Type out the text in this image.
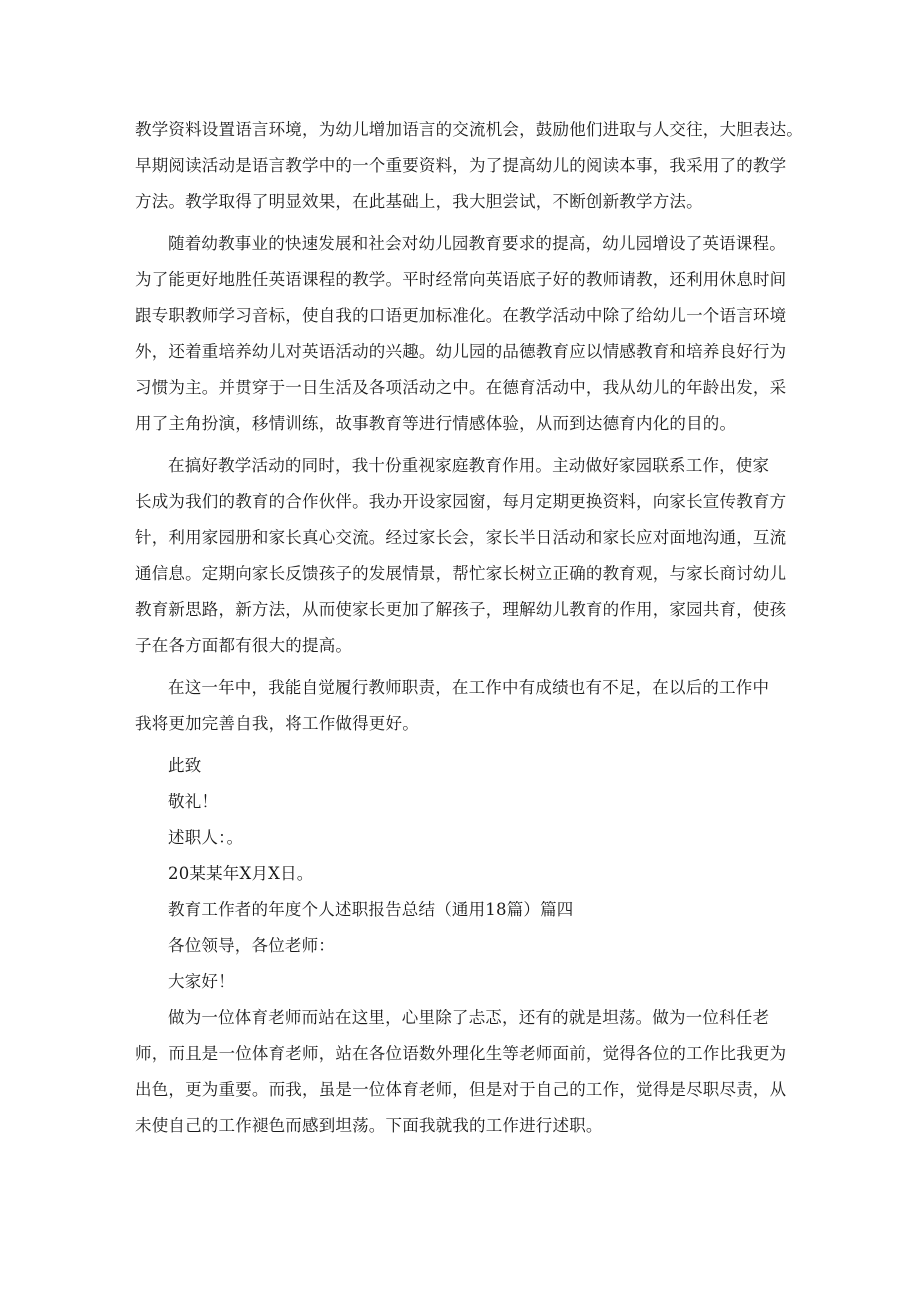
教学资料设置语言环境，为幼儿增加语言的交流机会，鼓励他们进取与人交往，大胆表达。
早期阅读活动是语言教学中的一个重要资料，为了提高幼儿的阅读本事，我采用了的教学
方法。教学取得了明显效果，在此基础上，我大胆尝试，不断创新教学方法。
随着幼教事业的快速发展和社会对幼儿园教育要求的提高，幼儿园增设了英语课程。
为了能更好地胜任英语课程的教学。平时经常向英语底子好的教师请教，还利用休息时间
跟专职教师学习音标，使自我的口语更加标准化。在教学活动中除了给幼儿一个语言环境
外，还着重培养幼儿对英语活动的兴趣。幼儿园的品德教育应以情感教育和培养良好行为
习惯为主。并贯穿于一日生活及各项活动之中。在德育活动中，我从幼儿的年龄出发，采
用了主角扮演，移情训练，故事教育等进行情感体验，从而到达德育内化的目的。
在搞好教学活动的同时，我十份重视家庭教育作用。主动做好家园联系工作，使家
长成为我们的教育的合作伙伴。我办开设家园窗，每月定期更换资料，向家长宣传教育方
针，利用家园册和家长真心交流。经过家长会，家长半日活动和家长应对面地沟通，互流
通信息。定期向家长反馈孩子的发展情景，帮忙家长树立正确的教育观，与家长商讨幼儿
教育新思路，新方法，从而使家长更加了解孩子，理解幼儿教育的作用，家园共育，使孩
子在各方面都有很大的提高。
在这一年中，我能自觉履行教师职责，在工作中有成绩也有不足，在以后的工作中
我将更加完善自我，将工作做得更好。
此致
敬礼！
述职人：。
20某某年X月X日。
教育工作者的年度个人述职报告总结（通用18篇）篇四
各位领导，各位老师：
大家好！
做为一位体育老师而站在这里，心里除了忐忑，还有的就是坦荡。做为一位科任老
师，而且是一位体育老师，站在各位语数外理化生等老师面前，觉得各位的工作比我更为
出色，更为重要。而我，虽是一位体育老师，但是对于自己的工作，觉得是尽职尽责，从
未使自己的工作褪色而感到坦荡。下面我就我的工作进行述职。
